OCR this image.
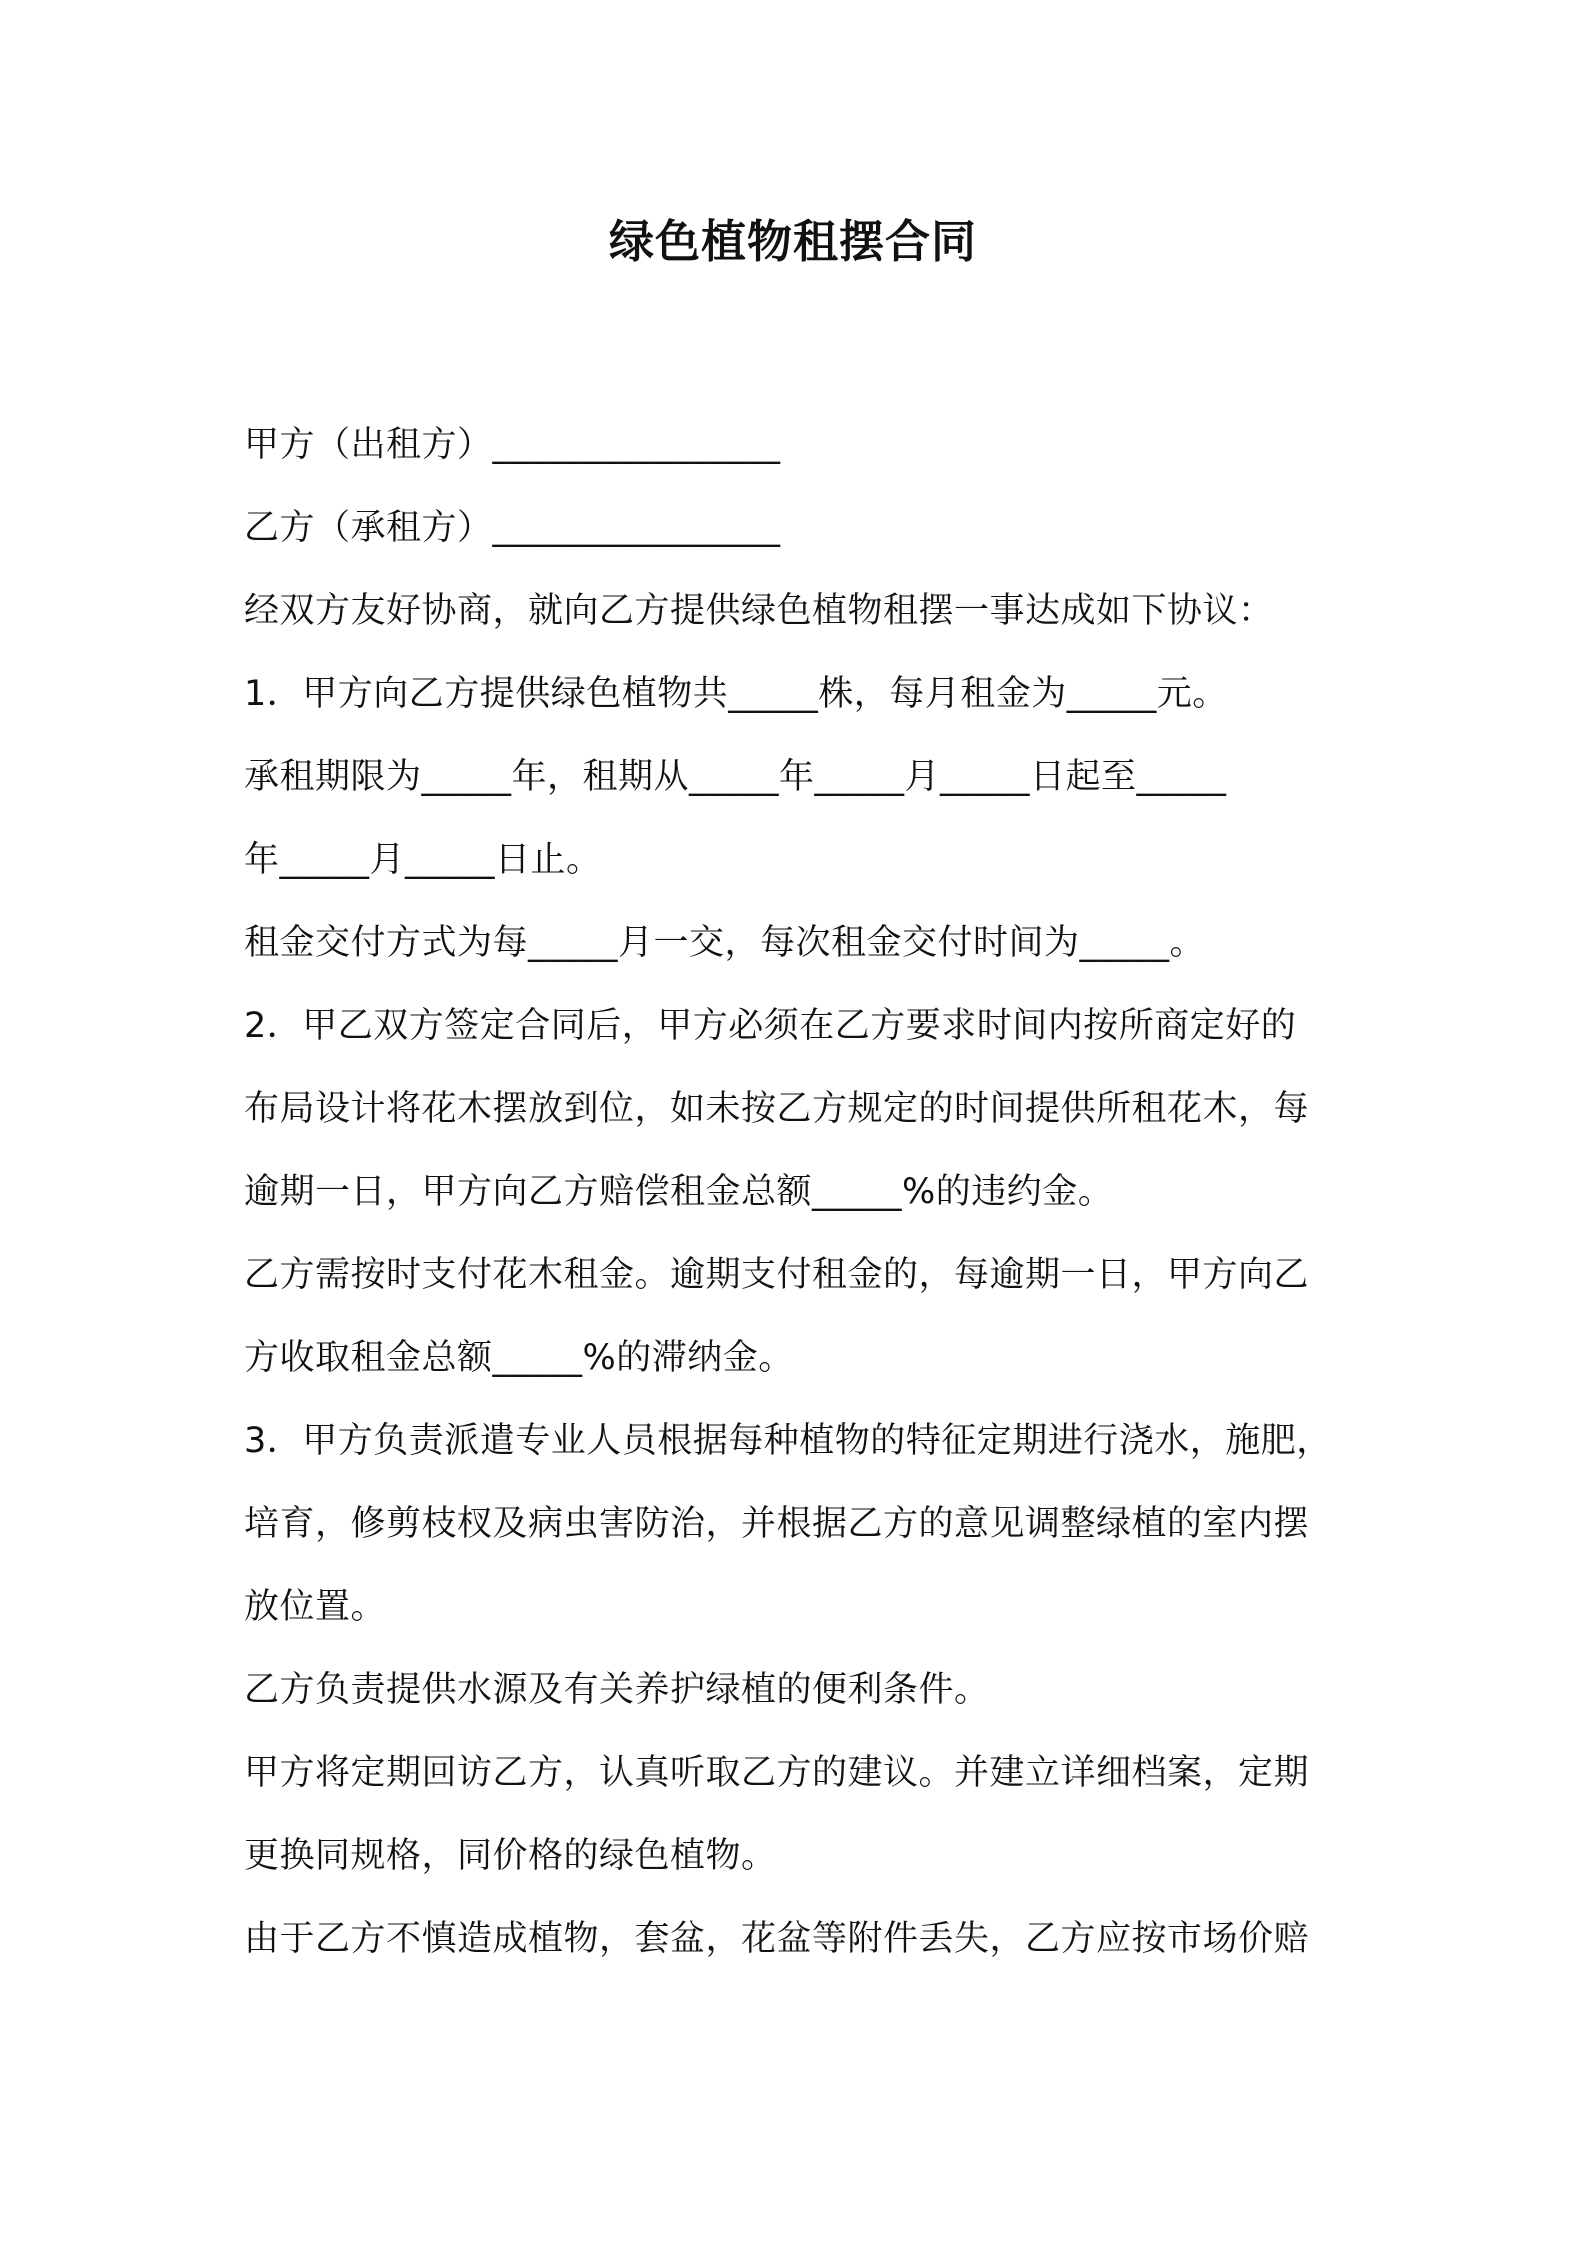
绿色植物租摆合同
甲方（出租方）________________
乙方（承租方）________________
经双方友好协商，就向乙方提供绿色植物租摆一事达成如下协议：
1．甲方向乙方提供绿色植物共_____株，每月租金为_____元。
承租期限为_____年，租期从_____年_____月_____日起至_____
年_____月_____日止。
租金交付方式为每_____月一交，每次租金交付时间为_____。
2．甲乙双方签定合同后，甲方必须在乙方要求时间内按所商定好的
布局设计将花木摆放到位，如未按乙方规定的时间提供所租花木，每
逾期一日，甲方向乙方赔偿租金总额_____%的违约金。
乙方需按时支付花木租金。逾期支付租金的，每逾期一日，甲方向乙
方收取租金总额_____%的滞纳金。
3．甲方负责派遣专业人员根据每种植物的特征定期进行浇水，施肥，
培育，修剪枝杈及病虫害防治，并根据乙方的意见调整绿植的室内摆
放位置。
乙方负责提供水源及有关养护绿植的便利条件。
甲方将定期回访乙方，认真听取乙方的建议。并建立详细档案，定期
更换同规格，同价格的绿色植物。
由于乙方不慎造成植物，套盆，花盆等附件丢失，乙方应按市场价赔
